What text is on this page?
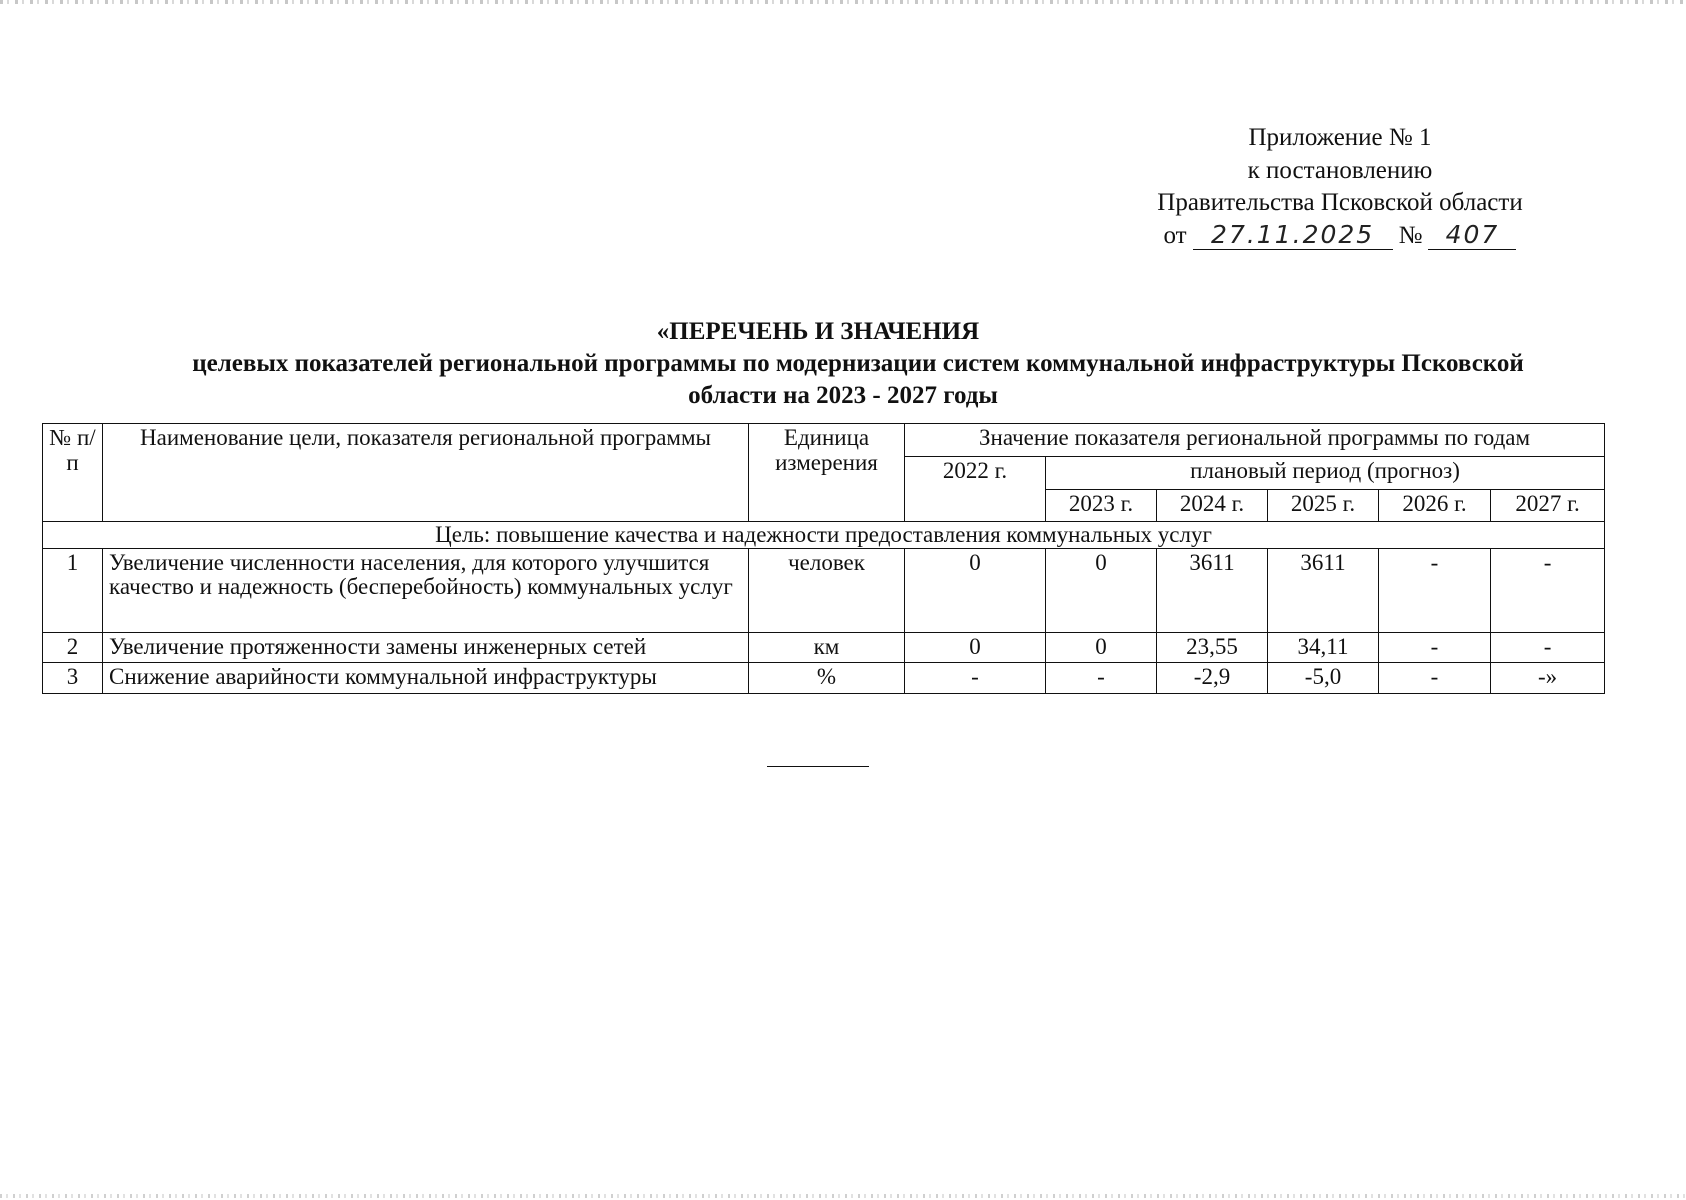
Приложение № 1
к постановлению
Правительства Псковской области
от 27.11.2025 № 407
«ПЕРЕЧЕНЬ И ЗНАЧЕНИЯ
целевых показателей региональной программы по модернизации систем коммунальной инфраструктуры Псковской
области на 2023 - 2027 годы
№ п/п	Наименование цели, показателя региональной программы	Единица измерения	Значение показателя региональной программы по годам					
			2022 г.	плановый период (прогноз)				
				2023 г.	2024 г.	2025 г.	2026 г.	2027 г.
Цель: повышение качества и надежности предоставления коммунальных услуг								
1	Увеличение численности населения, для которого улучшится качество и надежность (бесперебойность) коммунальных услуг	человек	0	0	3611	3611	-	-
2	Увеличение протяженности замены инженерных сетей	км	0	0	23,55	34,11	-	-
3	Снижение аварийности коммунальной инфраструктуры	%	-	-	-2,9	-5,0	-	-»
